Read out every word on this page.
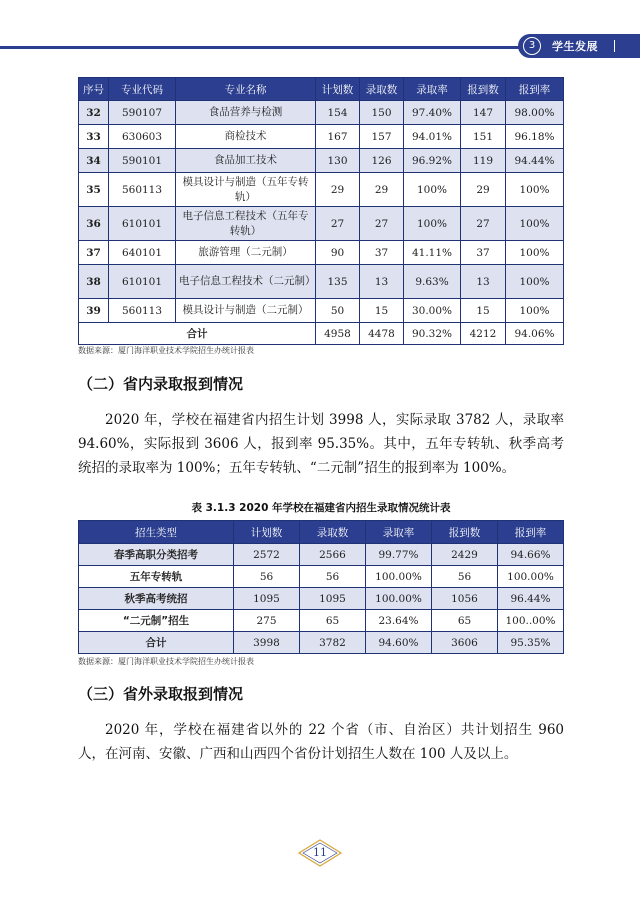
3	学生发展
序号	专业代码	专业名称	计划数	录取数	录取率	报到数	报到率
32	590107	食品营养与检测	154	150	97.40%	147	98.00%
33	630603	商检技术	167	157	94.01%	151	96.18%
34	590101	食品加工技术	130	126	96.92%	119	94.44%
35	560113	模具设计与制造（五年专转轨）	29	29	100%	29	100%
36	610101	电子信息工程技术（五年专转轨）	27	27	100%	27	100%
37	640101	旅游管理（二元制）	90	37	41.11%	37	100%
38	610101	电子信息工程技术（二元制）	135	13	9.63%	13	100%
39	560113	模具设计与制造（二元制）	50	15	30.00%	15	100%
合计			4958	4478	90.32%	4212	94.06%
数据来源：厦门海洋职业技术学院招生办统计报表
（二）省内录取报到情况
2020 年，学校在福建省内招生计划 3998 人，实际录取 3782 人，录取率 94.60%，实际报到 3606 人，报到率 95.35%。其中，五年专转轨、秋季高考统招的录取率为 100%；五年专转轨、“二元制”招生的报到率为 100%。
表 3.1.3 2020 年学校在福建省内招生录取情况统计表
招生类型	计划数	录取数	录取率	报到数	报到率
春季高职分类招考	2572	2566	99.77%	2429	94.66%
五年专转轨	56	56	100.00%	56	100.00%
秋季高考统招	1095	1095	100.00%	1056	96.44%
“二元制”招生	275	65	23.64%	65	100..00%
合计	3998	3782	94.60%	3606	95.35%
数据来源：厦门海洋职业技术学院招生办统计报表
（三）省外录取报到情况
2020 年，学校在福建省以外的 22 个省（市、自治区）共计划招生 960 人，在河南、安徽、广西和山西四个省份计划招生人数在 100 人及以上。
11
